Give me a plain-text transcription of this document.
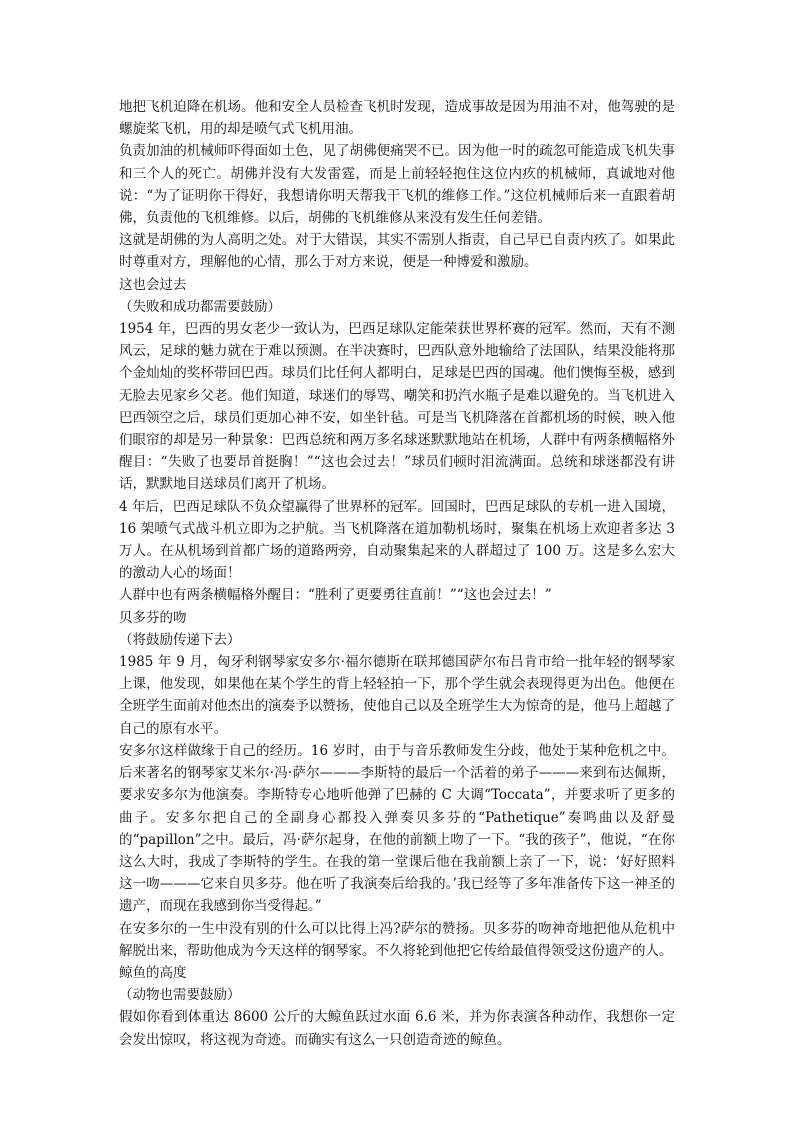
地把飞机迫降在机场。他和安全人员检查飞机时发现，造成事故是因为用油不对，他驾驶的是螺旋桨飞机，用的却是喷气式飞机用油。

负责加油的机械师吓得面如土色，见了胡佛便痛哭不已。因为他一时的疏忽可能造成飞机失事和三个人的死亡。胡佛并没有大发雷霆，而是上前轻轻抱住这位内疚的机械师，真诚地对他说：“为了证明你干得好，我想请你明天帮我干飞机的维修工作。”这位机械师后来一直跟着胡佛，负责他的飞机维修。以后，胡佛的飞机维修从来没有发生任何差错。

这就是胡佛的为人高明之处。对于大错误，其实不需别人指责，自己早已自责内疚了。如果此时尊重对方，理解他的心情，那么于对方来说，便是一种博爱和激励。

这也会过去

（失败和成功都需要鼓励）

1954 年，巴西的男女老少一致认为，巴西足球队定能荣获世界杯赛的冠军。然而，天有不测风云，足球的魅力就在于难以预测。在半决赛时，巴西队意外地输给了法国队，结果没能将那个金灿灿的奖杯带回巴西。球员们比任何人都明白，足球是巴西的国魂。他们懊悔至极，感到无脸去见家乡父老。他们知道，球迷们的辱骂、嘲笑和扔汽水瓶子是难以避免的。当飞机进入巴西领空之后，球员们更加心神不安，如坐针毡。可是当飞机降落在首都机场的时候，映入他们眼帘的却是另一种景象：巴西总统和两万多名球迷默默地站在机场，人群中有两条横幅格外醒目：“失败了也要昂首挺胸！”“这也会过去！”球员们顿时泪流满面。总统和球迷都没有讲话，默默地目送球员们离开了机场。

4 年后，巴西足球队不负众望赢得了世界杯的冠军。回国时，巴西足球队的专机一进入国境，16 架喷气式战斗机立即为之护航。当飞机降落在道加勒机场时，聚集在机场上欢迎者多达 3 万人。在从机场到首都广场的道路两旁，自动聚集起来的人群超过了 100 万。这是多么宏大的激动人心的场面！

人群中也有两条横幅格外醒目：“胜利了更要勇往直前！”“这也会过去！”

贝多芬的吻

（将鼓励传递下去）

1985 年 9 月，匈牙利钢琴家安多尔·福尔德斯在联邦德国萨尔布吕肯市给一批年轻的钢琴家上课，他发现，如果他在某个学生的背上轻轻拍一下，那个学生就会表现得更为出色。他便在全班学生面前对他杰出的演奏予以赞扬，使他自己以及全班学生大为惊奇的是，他马上超越了自己的原有水平。

安多尔这样做缘于自己的经历。16 岁时，由于与音乐教师发生分歧，他处于某种危机之中。后来著名的钢琴家艾米尔·冯·萨尔———李斯特的最后一个活着的弟子———来到布达佩斯，要求安多尔为他演奏。李斯特专心地听他弹了巴赫的 C 大调“Toccata”，并要求听了更多的曲子。安多尔把自己的全副身心都投入弹奏贝多芬的“Pathetique”奏鸣曲以及舒曼的“papillon”之中。最后，冯·萨尔起身，在他的前额上吻了一下。“我的孩子”，他说，“在你这么大时，我成了李斯特的学生。在我的第一堂课后他在我前额上亲了一下，说：‘好好照料这一吻———它来自贝多芬。他在听了我演奏后给我的。’我已经等了多年准备传下这一神圣的遗产，而现在我感到你当受得起。”

在安多尔的一生中没有别的什么可以比得上冯?萨尔的赞扬。贝多芬的吻神奇地把他从危机中解脱出来，帮助他成为今天这样的钢琴家。不久将轮到他把它传给最值得领受这份遗产的人。

鲸鱼的高度

（动物也需要鼓励）

假如你看到体重达 8600 公斤的大鲸鱼跃过水面 6.6 米，并为你表演各种动作，我想你一定会发出惊叹，将这视为奇迹。而确实有这么一只创造奇迹的鲸鱼。
